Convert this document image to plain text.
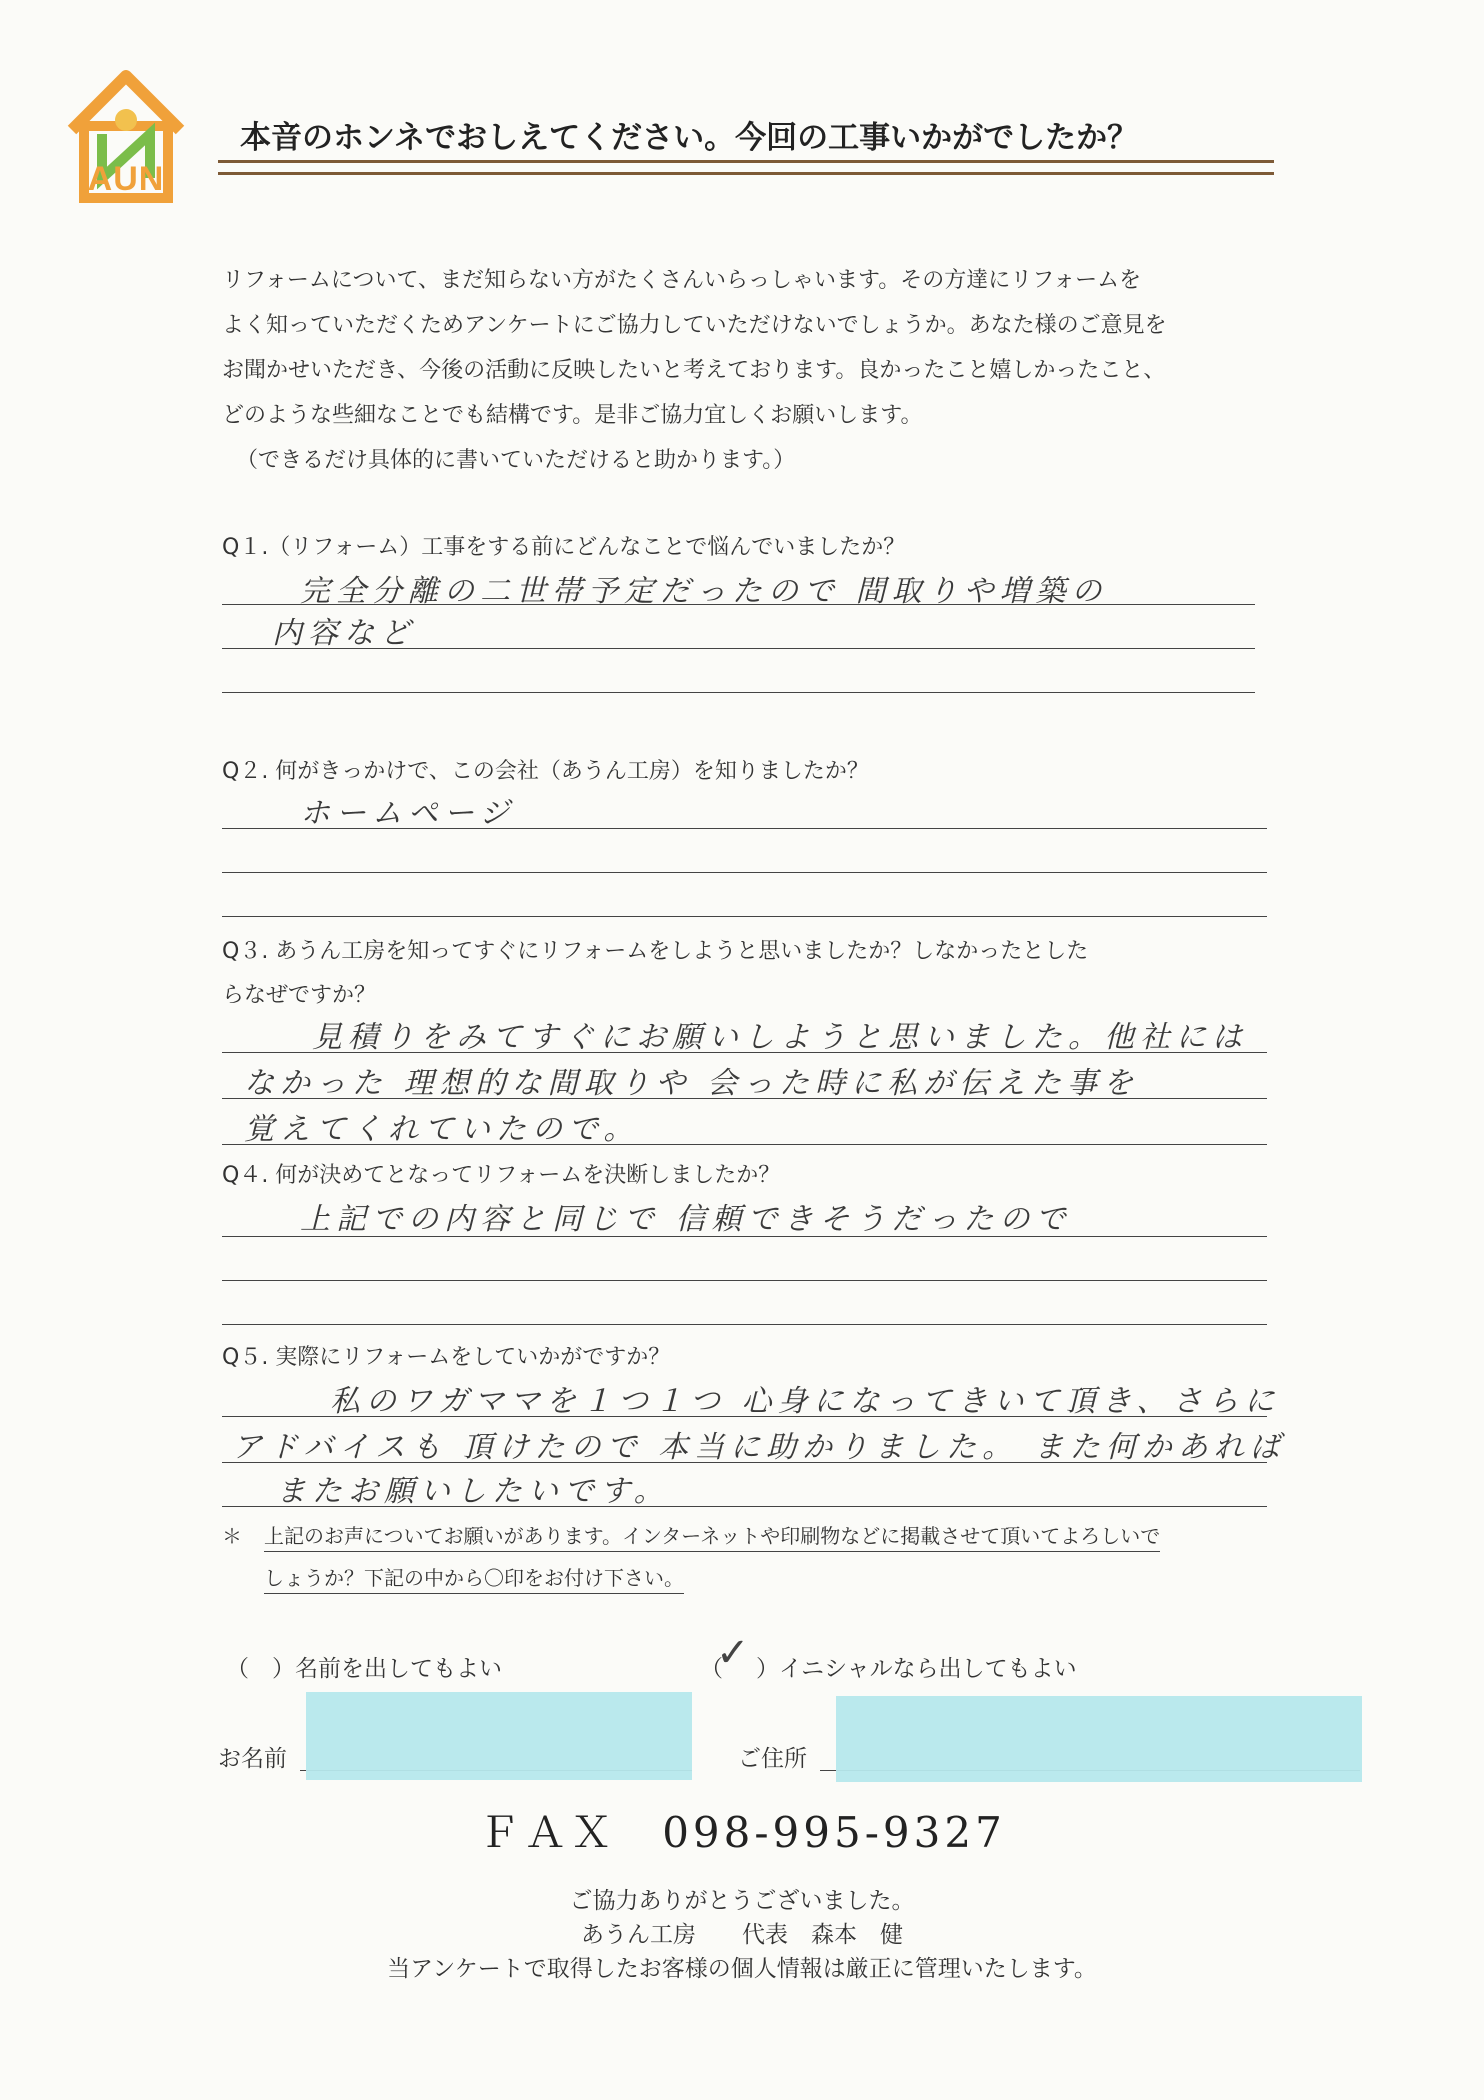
AUN
本音のホンネでおしえてください。今回の工事いかがでしたか？
リフォームについて、まだ知らない方がたくさんいらっしゃいます。その方達にリフォームを
よく知っていただくためアンケートにご協力していただけないでしょうか。あなた様のご意見を
お聞かせいただき、今後の活動に反映したいと考えております。良かったこと嬉しかったこと、
どのような些細なことでも結構です。是非ご協力宜しくお願いします。
（できるだけ具体的に書いていただけると助かります。）
Q１.（リフォーム）工事をする前にどんなことで悩んでいましたか？
完全分離の二世帯予定だったので 間取りや増築の
内容など
Q２. 何がきっかけで、この会社（あうん工房）を知りましたか？
ホームページ
Q３. あうん工房を知ってすぐにリフォームをしようと思いましたか？しなかったとした
らなぜですか？
見積りをみてすぐにお願いしようと思いました。他社には
なかった 理想的な間取りや 会った時に私が伝えた事を
覚えてくれていたので。
Q４. 何が決めてとなってリフォームを決断しましたか？
上記での内容と同じで 信頼できそうだったので
Q５. 実際にリフォームをしていかがですか？
私のワガママを１つ１つ 心身になってきいて頂き、さらに
アドバイスも 頂けたので 本当に助かりました。 また何かあれば
またお願いしたいです。
＊ 上記のお声についてお願いがあります。インターネットや印刷物などに掲載させて頂いてよろしいで
しょうか？下記の中から〇印をお付け下さい。
（　）名前を出してもよい	（
✓ ）イニシャルなら出してもよい
お名前	ご住所
ＦＡＸ　098-995-9327
ご協力ありがとうございました。
あうん工房　　代表　森本　健
当アンケートで取得したお客様の個人情報は厳正に管理いたします。
